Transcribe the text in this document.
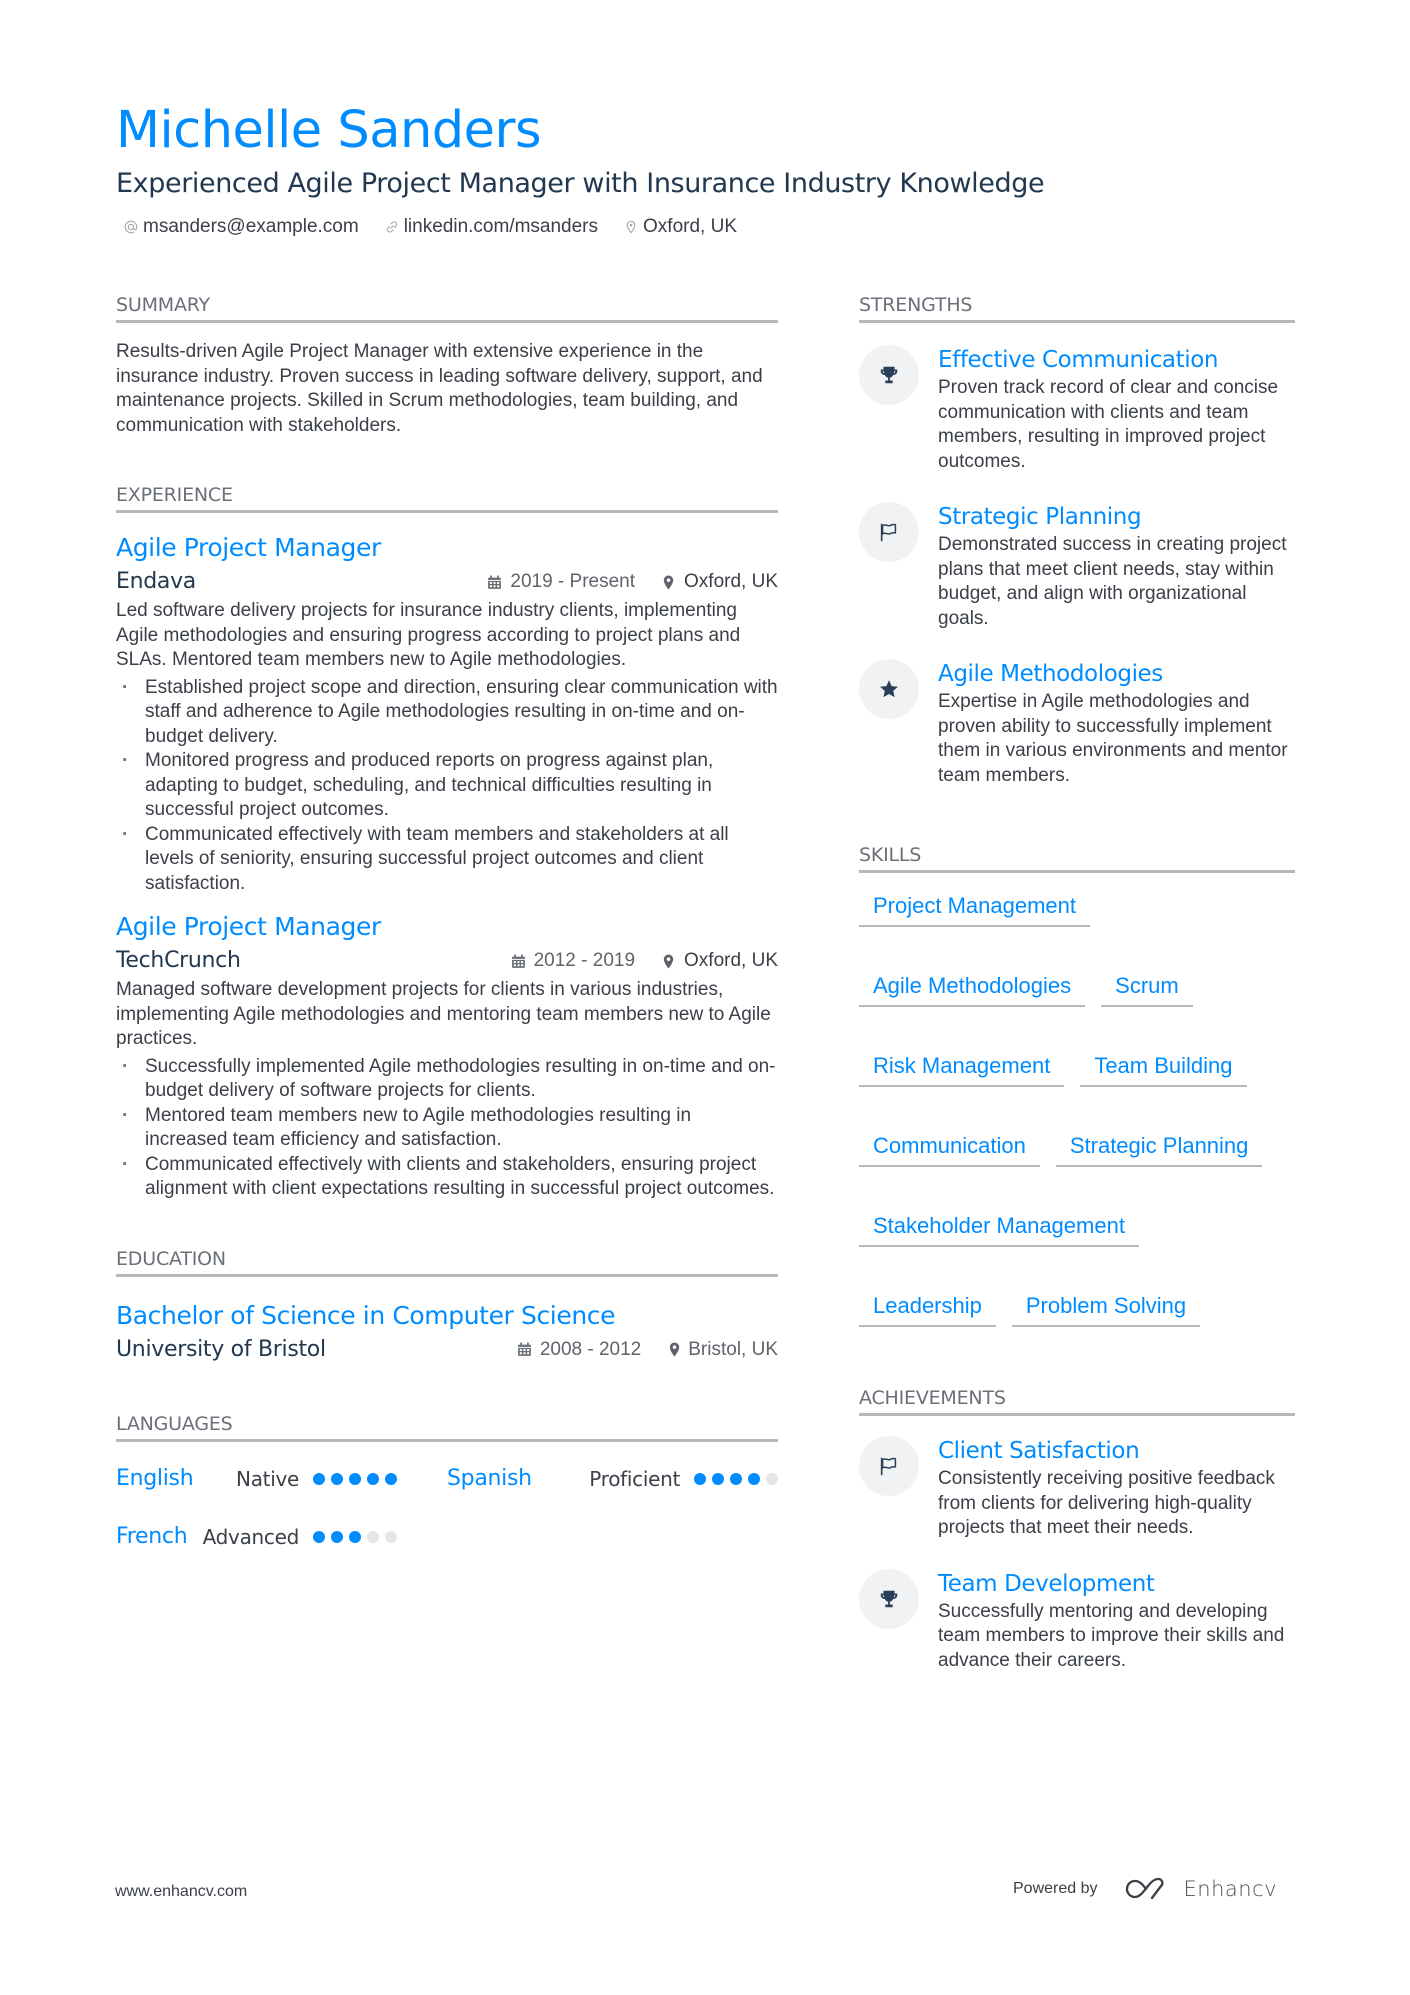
Michelle Sanders
Experienced Agile Project Manager with Insurance Industry Knowledge
msanders@example.com linkedin.com/msanders Oxford, UK
SUMMARY

Results-driven Agile Project Manager with extensive experience in the insurance industry. Proven success in leading software delivery, support, and maintenance projects. Skilled in Scrum methodologies, team building, and communication with stakeholders.

EXPERIENCE
Agile Project Manager
Endava	2019 - Present	Oxford, UK

Led software delivery projects for insurance industry clients, implementing Agile methodologies and ensuring progress according to project plans and SLAs. Mentored team members new to Agile methodologies.

· Established project scope and direction, ensuring clear communication with staff and adherence to Agile methodologies resulting in on-time and on-budget delivery.
· Monitored progress and produced reports on progress against plan, adapting to budget, scheduling, and technical difficulties resulting in successful project outcomes.
· Communicated effectively with team members and stakeholders at all levels of seniority, ensuring successful project outcomes and client satisfaction.
Agile Project Manager
TechCrunch	2012 - 2019	Oxford, UK

Managed software development projects for clients in various industries, implementing Agile methodologies and mentoring team members new to Agile practices.

· Successfully implemented Agile methodologies resulting in on-time and on-budget delivery of software projects for clients.
· Mentored team members new to Agile methodologies resulting in increased team efficiency and satisfaction.
· Communicated effectively with clients and stakeholders, ensuring project alignment with client expectations resulting in successful project outcomes.
EDUCATION
Bachelor of Science in Computer Science
University of Bristol	2008 - 2012 Bristol, UK
LANGUAGES
English Native	Spanish	Proficient
French Advanced
STRENGTHS
Effective Communication
Proven track record of clear and concise communication with clients and team members, resulting in improved project outcomes.
Strategic Planning
Demonstrated success in creating project plans that meet client needs, stay within budget, and align with organizational goals.
Agile Methodologies
Expertise in Agile methodologies and proven ability to successfully implement them in various environments and mentor team members.
SKILLS
Project Management
Agile Methodologies	Scrum
Risk Management	Team Building
Communication	Strategic Planning
Stakeholder Management
Leadership	Problem Solving
ACHIEVEMENTS
Client Satisfaction
Consistently receiving positive feedback from clients for delivering high-quality projects that meet their needs.
Team Development
Successfully mentoring and developing team members to improve their skills and advance their careers.
www.enhancv.com	Powered by	Enhancv
